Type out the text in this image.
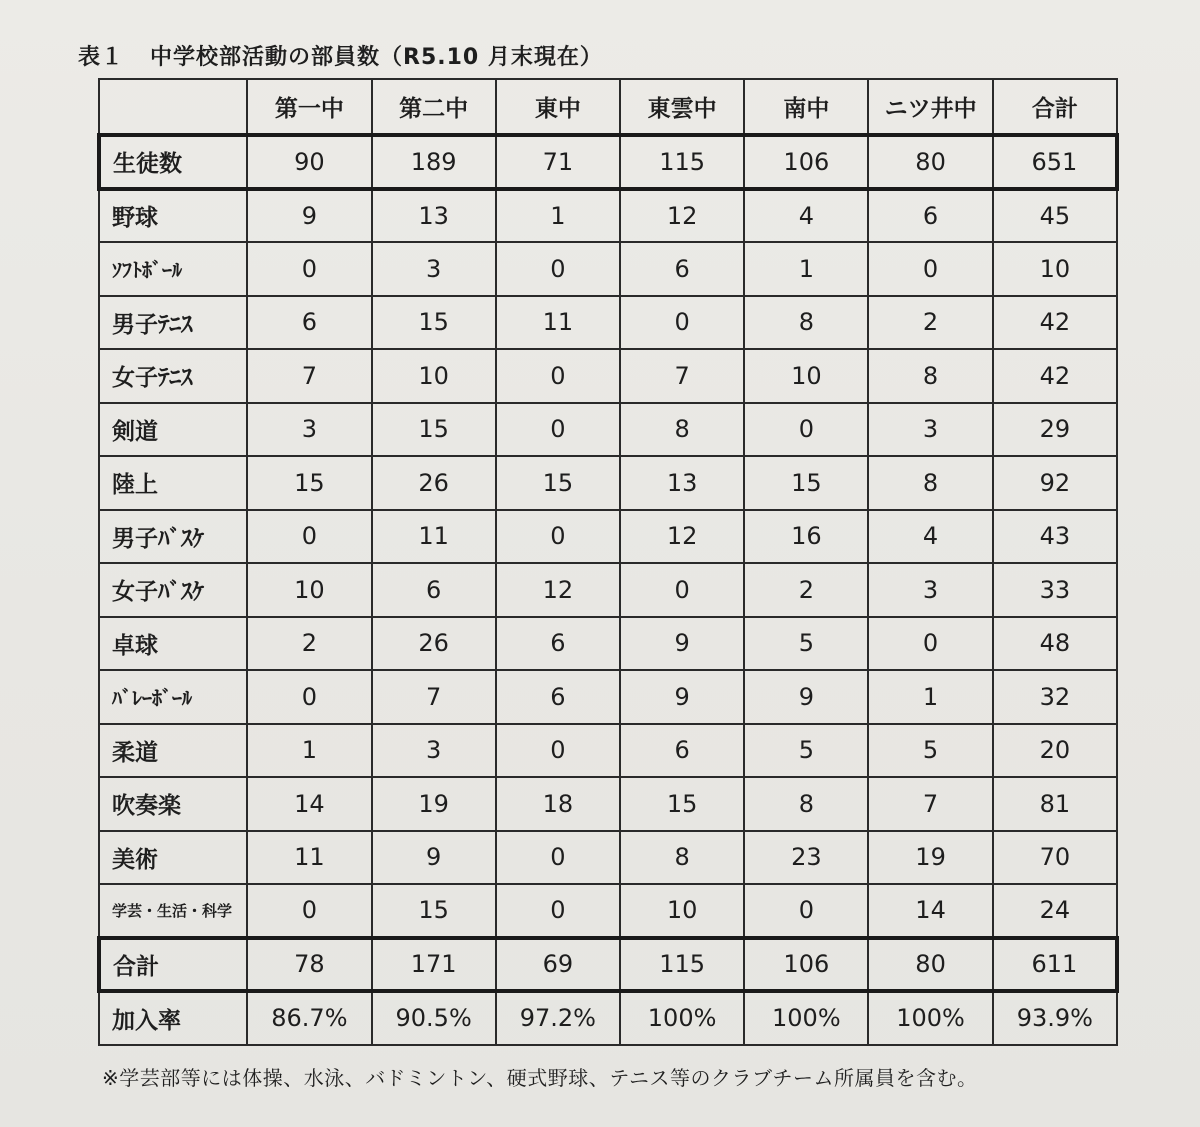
表１ 中学校部活動の部員数（R5.10 月末現在）
	第一中	第二中	東中	東雲中	南中	ニツ井中	合計
生徒数	90	189	71	115	106	80	651
野球	9	13	1	12	4	6	45
ｿﾌﾄﾎﾞｰﾙ	0	3	0	6	1	0	10
男子ﾃﾆｽ	6	15	11	0	8	2	42
女子ﾃﾆｽ	7	10	0	7	10	8	42
剣道	3	15	0	8	0	3	29
陸上	15	26	15	13	15	8	92
男子ﾊﾞｽｹ	0	11	0	12	16	4	43
女子ﾊﾞｽｹ	10	6	12	0	2	3	33
卓球	2	26	6	9	5	0	48
ﾊﾞﾚｰﾎﾞｰﾙ	0	7	6	9	9	1	32
柔道	1	3	0	6	5	5	20
吹奏楽	14	19	18	15	8	7	81
美術	11	9	0	8	23	19	70
学芸・生活・科学	0	15	0	10	0	14	24
合計	78	171	69	115	106	80	611
加入率	86.7%	90.5%	97.2%	100%	100%	100%	93.9%
※学芸部等には体操、水泳、バドミントン、硬式野球、テニス等のクラブチーム所属員を含む。
